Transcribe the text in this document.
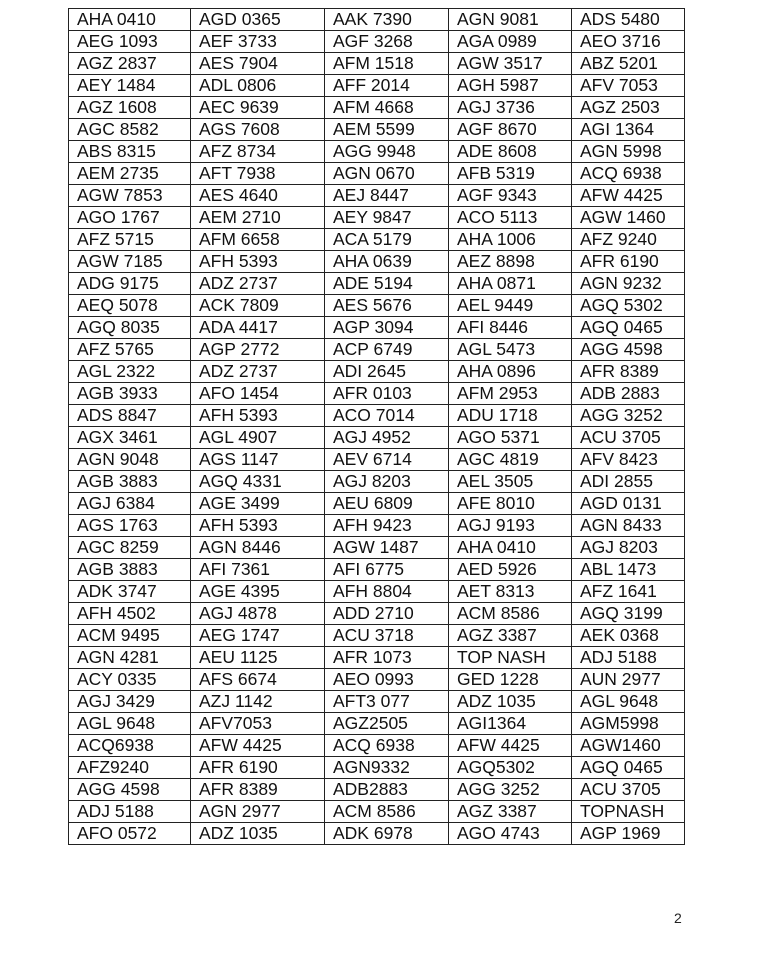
AHA 0410	AGD 0365	AAK 7390	AGN 9081	ADS 5480
AEG 1093	AEF 3733	AGF 3268	AGA 0989	AEO 3716
AGZ 2837	AES 7904	AFM 1518	AGW 3517	ABZ 5201
AEY 1484	ADL 0806	AFF 2014	AGH 5987	AFV 7053
AGZ 1608	AEC 9639	AFM 4668	AGJ 3736	AGZ 2503
AGC 8582	AGS 7608	AEM 5599	AGF 8670	AGI 1364
ABS 8315	AFZ 8734	AGG 9948	ADE 8608	AGN 5998
AEM 2735	AFT 7938	AGN 0670	AFB 5319	ACQ 6938
AGW 7853	AES 4640	AEJ 8447	AGF 9343	AFW 4425
AGO 1767	AEM 2710	AEY 9847	ACO 5113	AGW 1460
AFZ 5715	AFM 6658	ACA 5179	AHA 1006	AFZ 9240
AGW 7185	AFH 5393	AHA 0639	AEZ 8898	AFR 6190
ADG 9175	ADZ 2737	ADE 5194	AHA 0871	AGN 9232
AEQ 5078	ACK 7809	AES 5676	AEL 9449	AGQ 5302
AGQ 8035	ADA 4417	AGP 3094	AFI 8446	AGQ 0465
AFZ 5765	AGP 2772	ACP 6749	AGL 5473	AGG 4598
AGL 2322	ADZ 2737	ADI 2645	AHA 0896	AFR 8389
AGB 3933	AFO 1454	AFR 0103	AFM 2953	ADB 2883
ADS 8847	AFH 5393	ACO 7014	ADU 1718	AGG 3252
AGX 3461	AGL 4907	AGJ 4952	AGO 5371	ACU 3705
AGN 9048	AGS 1147	AEV 6714	AGC 4819	AFV 8423
AGB 3883	AGQ 4331	AGJ 8203	AEL 3505	ADI 2855
AGJ 6384	AGE 3499	AEU 6809	AFE 8010	AGD 0131
AGS 1763	AFH 5393	AFH 9423	AGJ 9193	AGN 8433
AGC 8259	AGN 8446	AGW 1487	AHA 0410	AGJ 8203
AGB 3883	AFI 7361	AFI 6775	AED 5926	ABL 1473
ADK 3747	AGE 4395	AFH 8804	AET 8313	AFZ 1641
AFH 4502	AGJ 4878	ADD 2710	ACM 8586	AGQ 3199
ACM 9495	AEG 1747	ACU 3718	AGZ 3387	AEK 0368
AGN 4281	AEU 1125	AFR 1073	TOP NASH	ADJ 5188
ACY 0335	AFS 6674	AEO 0993	GED 1228	AUN 2977
AGJ 3429	AZJ 1142	AFT3 077	ADZ 1035	AGL 9648
AGL 9648	AFV7053	AGZ2505	AGI1364	AGM5998
ACQ6938	AFW 4425	ACQ 6938	AFW 4425	AGW1460
AFZ9240	AFR 6190	AGN9332	AGQ5302	AGQ 0465
AGG 4598	AFR 8389	ADB2883	AGG 3252	ACU 3705
ADJ 5188	AGN 2977	ACM 8586	AGZ 3387	TOPNASH
AFO 0572	ADZ 1035	ADK 6978	AGO 4743	AGP 1969
2
